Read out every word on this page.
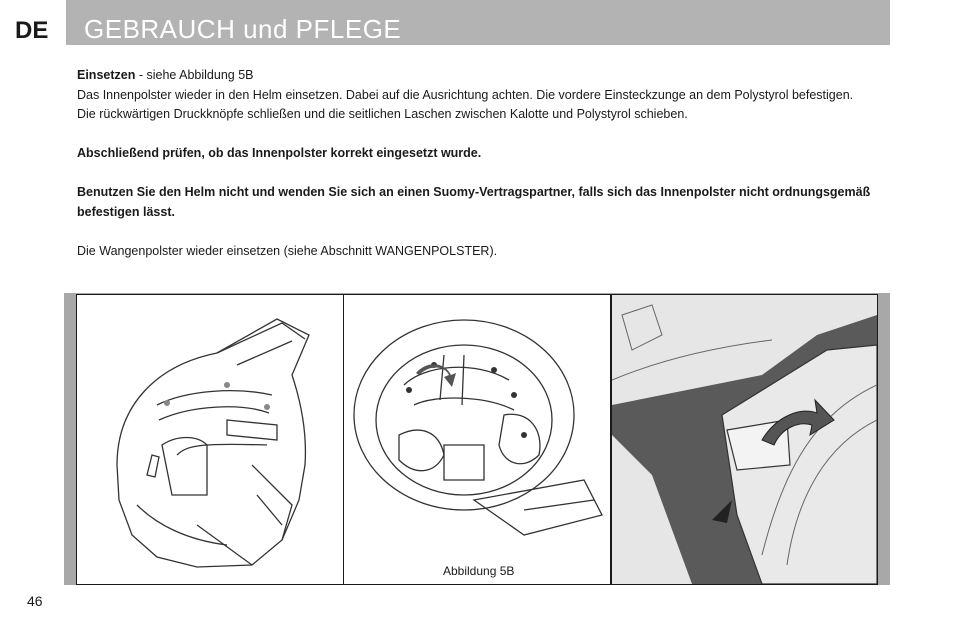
DE GEBRAUCH und PFLEGE

Einsetzen - siehe Abbildung 5B

Das Innenpolster wieder in den Helm einsetzen. Dabei auf die Ausrichtung achten. Die vordere Einsteckzunge an dem Polystyrol befestigen.

Die rückwärtigen Druckknöpfe schließen und die seitlichen Laschen zwischen Kalotte und Polystyrol schieben.

Abschließend prüfen, ob das Innenpolster korrekt eingesetzt wurde.

Benutzen Sie den Helm nicht und wenden Sie sich an einen Suomy-Vertragspartner, falls sich das Innenpolster nicht ordnungsgemäß befestigen lässt.

Die Wangenpolster wieder einsetzen (siehe Abschnitt WANGENPOLSTER).

Abbildung 5B
46
